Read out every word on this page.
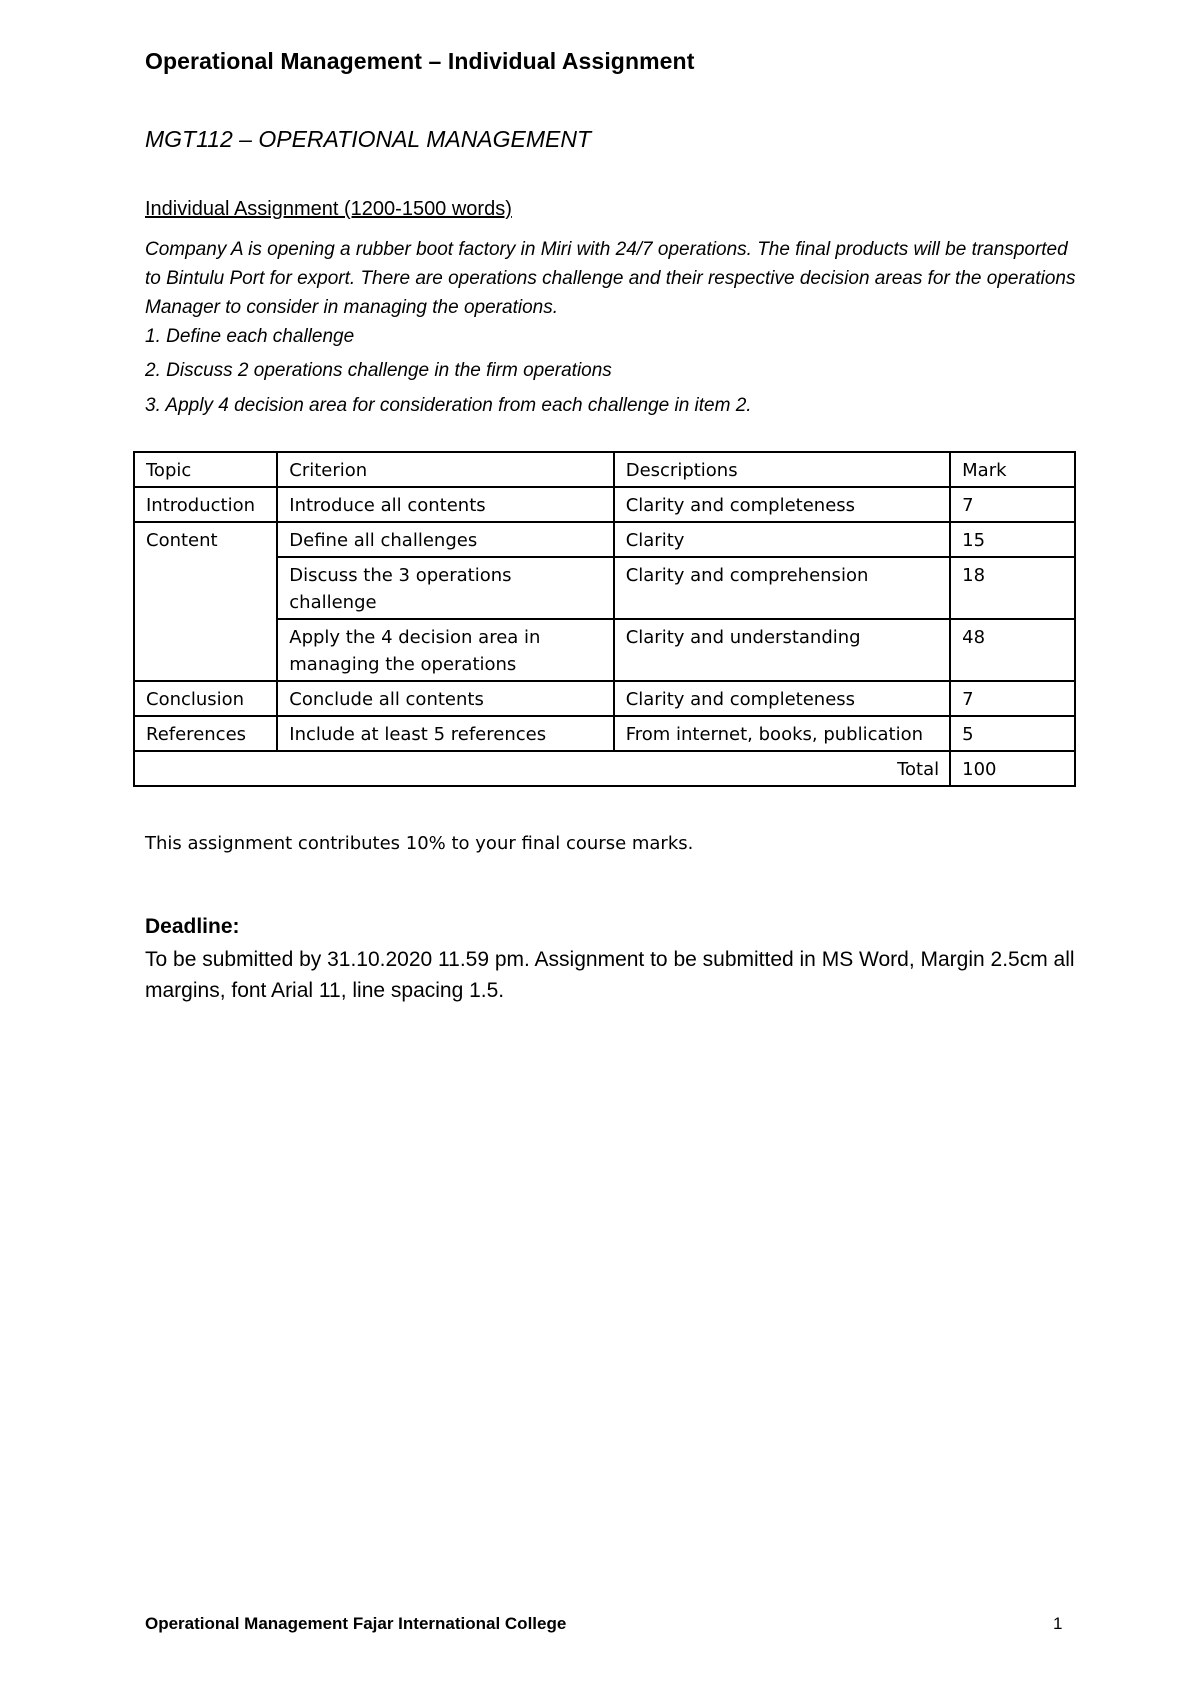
Operational Management – Individual Assignment
MGT112 – OPERATIONAL MANAGEMENT
Individual Assignment (1200-1500 words)
Company A is opening a rubber boot factory in Miri with 24/7 operations. The final products will be transported to Bintulu Port for export. There are operations challenge and their respective decision areas for the operations Manager to consider in managing the operations.
1. Define each challenge
2. Discuss 2 operations challenge in the firm operations
3. Apply 4 decision area for consideration from each challenge in item 2.
Topic	Criterion	Descriptions	Mark
Introduction	Introduce all contents	Clarity and completeness	7
Content	Define all challenges	Clarity	15
	Discuss the 3 operations challenge	Clarity and comprehension	18
	Apply the 4 decision area in managing the operations	Clarity and understanding	48
Conclusion	Conclude all contents	Clarity and completeness	7
References	Include at least 5 references	From internet, books, publication	5
Total			100
This assignment contributes 10% to your final course marks.
Deadline:
To be submitted by 31.10.2020 11.59 pm. Assignment to be submitted in MS Word, Margin 2.5cm all margins, font Arial 11, line spacing 1.5.
Operational Management Fajar International College	1
